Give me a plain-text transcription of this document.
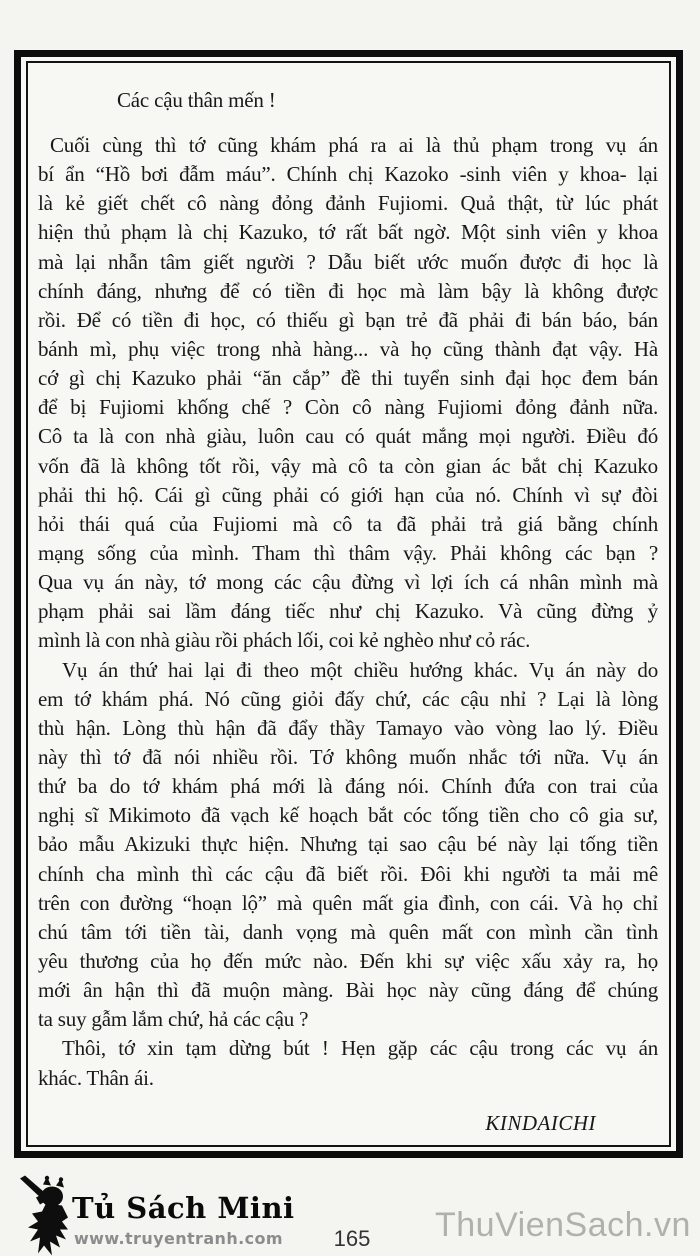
Các cậu thân mến !
Cuối cùng thì tớ cũng khám phá ra ai là thủ phạm trong vụ án
bí ẩn “Hồ bơi đẫm máu”. Chính chị Kazoko -sinh viên y khoa- lại
là kẻ giết chết cô nàng đỏng đảnh Fujiomi. Quả thật, từ lúc phát
hiện thủ phạm là chị Kazuko, tớ rất bất ngờ. Một sinh viên y khoa
mà lại nhẫn tâm giết người ? Dẫu biết ước muốn được đi học là
chính đáng, nhưng để có tiền đi học mà làm bậy là không được
rồi. Để có tiền đi học, có thiếu gì bạn trẻ đã phải đi bán báo, bán
bánh mì, phụ việc trong nhà hàng... và họ cũng thành đạt vậy. Hà
cớ gì chị Kazuko phải “ăn cắp” đề thi tuyển sinh đại học đem bán
để bị Fujiomi khống chế ? Còn cô nàng Fujiomi đỏng đảnh nữa.
Cô ta là con nhà giàu, luôn cau có quát mắng mọi người. Điều đó
vốn đã là không tốt rồi, vậy mà cô ta còn gian ác bắt chị Kazuko
phải thi hộ. Cái gì cũng phải có giới hạn của nó. Chính vì sự đòi
hỏi thái quá của Fujiomi mà cô ta đã phải trả giá bằng chính
mạng sống của mình. Tham thì thâm vậy. Phải không các bạn ?
Qua vụ án này, tớ mong các cậu đừng vì lợi ích cá nhân mình mà
phạm phải sai lầm đáng tiếc như chị Kazuko. Và cũng đừng ỷ
mình là con nhà giàu rồi phách lối, coi kẻ nghèo như cỏ rác.
Vụ án thứ hai lại đi theo một chiều hướng khác. Vụ án này do
em tớ khám phá. Nó cũng giỏi đấy chứ, các cậu nhỉ ? Lại là lòng
thù hận. Lòng thù hận đã đẩy thầy Tamayo vào vòng lao lý. Điều
này thì tớ đã nói nhiều rồi. Tớ không muốn nhắc tới nữa. Vụ án
thứ ba do tớ khám phá mới là đáng nói. Chính đứa con trai của
nghị sĩ Mikimoto đã vạch kế hoạch bắt cóc tống tiền cho cô gia sư,
bảo mẫu Akizuki thực hiện. Nhưng tại sao cậu bé này lại tống tiền
chính cha mình thì các cậu đã biết rồi. Đôi khi người ta mải mê
trên con đường “hoạn lộ” mà quên mất gia đình, con cái. Và họ chỉ
chú tâm tới tiền tài, danh vọng mà quên mất con mình cần tình
yêu thương của họ đến mức nào. Đến khi sự việc xấu xảy ra, họ
mới ân hận thì đã muộn màng. Bài học này cũng đáng để chúng
ta suy gẫm lắm chứ, hả các cậu ?
Thôi, tớ xin tạm dừng bút ! Hẹn gặp các cậu trong các vụ án
khác. Thân ái.
KINDAICHI
Tủ Sách Mini
www.truyentranh.com	165	ThuVienSach.vn
